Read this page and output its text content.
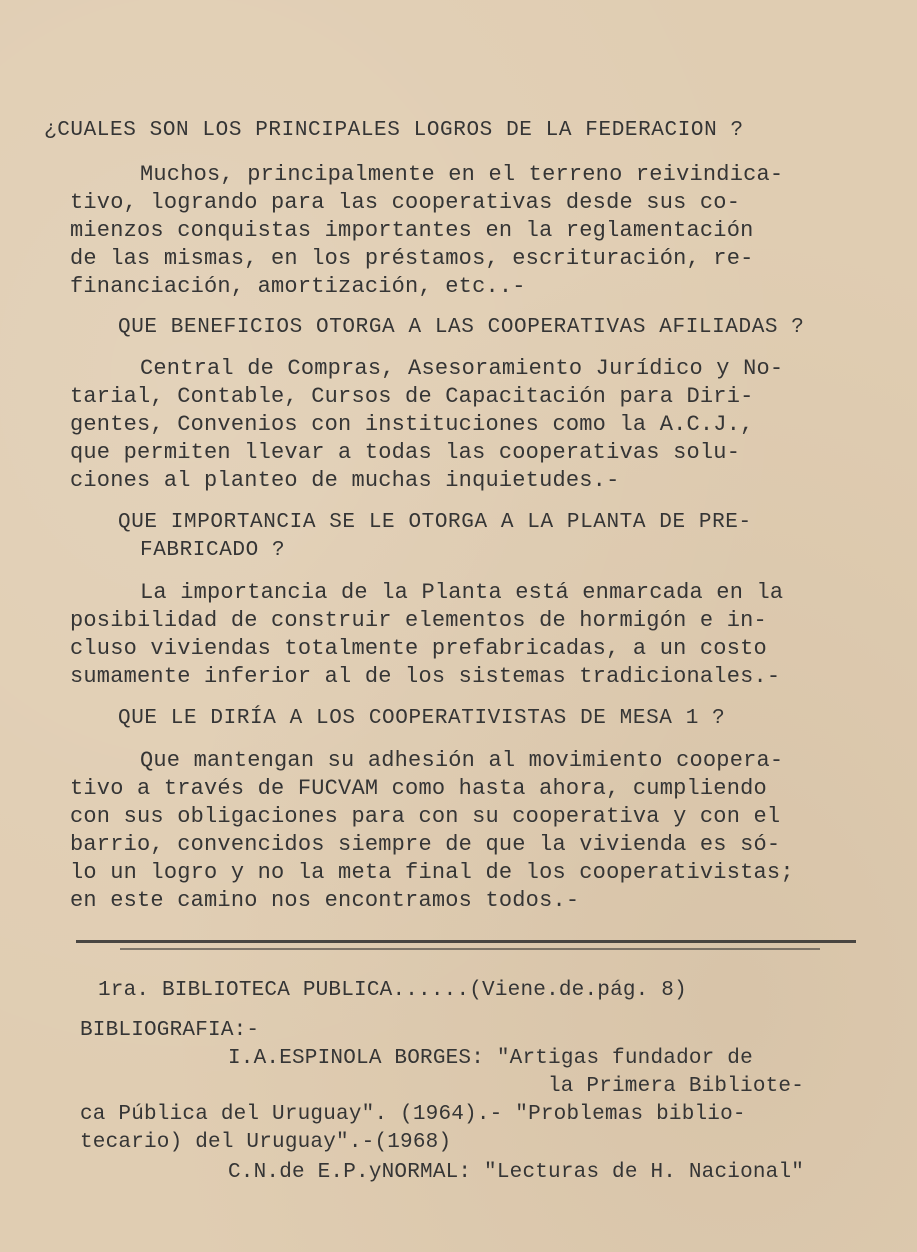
¿CUALES SON LOS PRINCIPALES LOGROS DE LA FEDERACION ?
Muchos, principalmente en el terreno reivindica-
tivo, logrando para las cooperativas desde sus co-
mienzos conquistas importantes en la reglamentación
de las mismas, en los préstamos, escrituración, re-
financiación, amortización, etc..-
QUE BENEFICIOS OTORGA A LAS COOPERATIVAS AFILIADAS ?
Central de Compras, Asesoramiento Jurídico y No-
tarial, Contable, Cursos de Capacitación para Diri-
gentes, Convenios con instituciones como la A.C.J.,
que permiten llevar a todas las cooperativas solu-
ciones al planteo de muchas inquietudes.-
QUE IMPORTANCIA SE LE OTORGA A LA PLANTA DE PRE-
FABRICADO ?
La importancia de la Planta está enmarcada en la
posibilidad de construir elementos de hormigón e in-
cluso viviendas totalmente prefabricadas, a un costo
sumamente inferior al de los sistemas tradicionales.-
QUE LE DIRÍA A LOS COOPERATIVISTAS DE MESA 1 ?
Que mantengan su adhesión al movimiento coopera-
tivo a través de FUCVAM como hasta ahora, cumpliendo
con sus obligaciones para con su cooperativa y con el
barrio, convencidos siempre de que la vivienda es só-
lo un logro y no la meta final de los cooperativistas;
en este camino nos encontramos todos.-
1ra. BIBLIOTECA PUBLICA......(Viene.de.pág. 8)
BIBLIOGRAFIA:-
I.A.ESPINOLA BORGES: "Artigas fundador de
la Primera Bibliote-
ca Pública del Uruguay". (1964).- "Problemas biblio-
tecario) del Uruguay".-(1968)
C.N.de E.P.yNORMAL: "Lecturas de H. Nacional"
